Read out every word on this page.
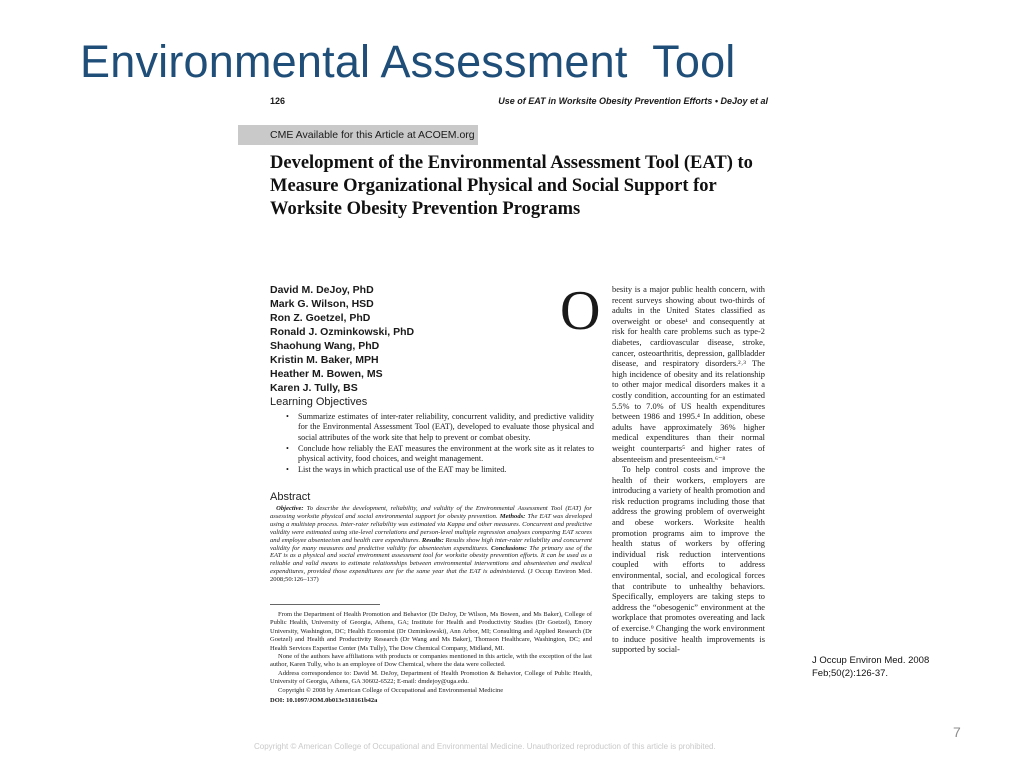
Environmental Assessment  Tool
126	Use of EAT in Worksite Obesity Prevention Efforts • DeJoy et al
CME Available for this Article at ACOEM.org
Development of the Environmental Assessment Tool (EAT) to Measure Organizational Physical and Social Support for Worksite Obesity Prevention Programs
David M. DeJoy, PhD
Mark G. Wilson, HSD
Ron Z. Goetzel, PhD
Ronald J. Ozminkowski, PhD
Shaohung Wang, PhD
Kristin M. Baker, MPH
Heather M. Bowen, MS
Karen J. Tully, BS
Learning Objectives
• Summarize estimates of inter-rater reliability, concurrent validity, and predictive validity for the Environmental Assessment Tool (EAT), developed to evaluate those physical and social attributes of the work site that help to prevent or combat obesity.
• Conclude how reliably the EAT measures the environment at the work site as it relates to physical activity, food choices, and weight management.
• List the ways in which practical use of the EAT may be limited.
Abstract
Objective: To describe the development, reliability, and validity of the Environmental Assessment Tool (EAT) for assessing worksite physical and social environmental support for obesity prevention. Methods: The EAT was developed using a multistep process. Inter-rater reliability was estimated via Kappa and other measures. Concurrent and predictive validity were estimated using site-level correlations and person-level multiple regression analyses comparing EAT scores and employee absenteeism and health care expenditures. Results: Results show high inter-rater reliability and concurrent validity for many measures and predictive validity for absenteeism expenditures. Conclusions: The primary use of the EAT is as a physical and social environment assessment tool for worksite obesity prevention efforts. It can be used as a reliable and valid means to estimate relationships between environmental interventions and absenteeism and medical expenditures, provided those expenditures are for the same year that the EAT is administered. (J Occup Environ Med. 2008;50:126–137)

From the Department of Health Promotion and Behavior (Dr DeJoy, Dr Wilson, Ms Bowen, and Ms Baker), College of Public Health, University of Georgia, Athens, GA; Institute for Health and Productivity Studies (Dr Goetzel), Emory University, Washington, DC; Health Economist (Dr Ozminkowski), Ann Arbor, MI; Consulting and Applied Research (Dr Goetzel) and Health and Productivity Research (Dr Wang and Ms Baker), Thomson Healthcare, Washington, DC; and Health Services Expertise Center (Ms Tully), The Dow Chemical Company, Midland, MI.

None of the authors have affiliations with products or companies mentioned in this article, with the exception of the last author, Karen Tully, who is an employee of Dow Chemical, where the data were collected.

Address correspondence to: David M. DeJoy, Department of Health Promotion & Behavior, College of Public Health, University of Georgia, Athens, GA 30602-6522; E-mail: dmdejoy@uga.edu.

Copyright © 2008 by American College of Occupational and Environmental Medicine

DOI: 10.1097/JOM.0b013e318161b42a

O besity is a major public health concern, with recent surveys showing about two-thirds of adults in the United States classified as overweight or obese¹ and consequently at risk for health care problems such as type-2 diabetes, cardiovascular disease, stroke, cancer, osteoarthritis, depression, gallbladder disease, and respiratory disorders.²˒³ The high incidence of obesity and its relationship to other major medical disorders makes it a costly condition, accounting for an estimated 5.5% to 7.0% of US health expenditures between 1986 and 1995.⁴ In addition, obese adults have approximately 36% higher medical expenditures than their normal weight counterparts⁵ and higher rates of absenteeism and presenteeism.⁶⁻⁸

To help control costs and improve the health of their workers, employers are introducing a variety of health promotion and risk reduction programs including those that address the growing problem of overweight and obese workers. Worksite health promotion programs aim to improve the health status of workers by offering individual risk reduction interventions coupled with efforts to address environmental, social, and ecological forces that contribute to unhealthy behaviors. Specifically, employers are taking steps to address the “obesogenic” environment at the workplace that promotes overeating and lack of exercise.⁹ Changing the work environment to induce positive health improvements is supported by social-

Copyright © American College of Occupational and Environmental Medicine. Unauthorized reproduction of this article is prohibited.
J Occup Environ Med. 2008
Feb;50(2):126-37.
7
